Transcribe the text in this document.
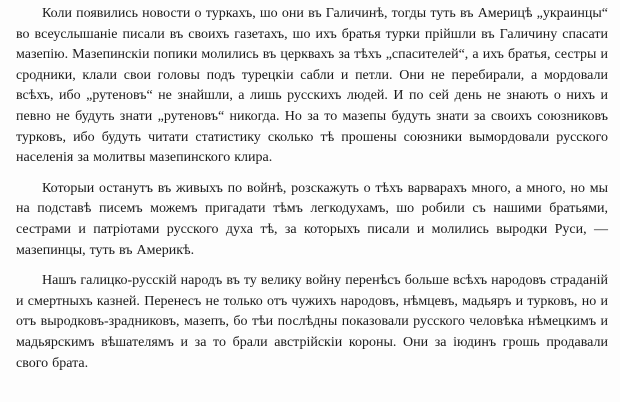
Коли появились новости о туркахъ, шо они въ Галичинѣ, тогды туть въ Америцѣ „украинцы“ во всеуслышаніе писали въ своихъ газетахъ, шо ихъ братья турки прійшли въ Галичину спасати мазепію. Мазепинскіи попики молились въ церквахъ за тѣхъ „спасителей“, а ихъ братья, сестры и сродники, клали свои головы подъ турецкіи сабли и петли. Они не перебирали, а мордовали всѣхъ, ибо „рутеновъ“ не знайшли, а лишь русскихъ людей. И по сей день не знають о нихъ и певно не будуть знати „рутеновъ“ никогда. Но за то мазепы будуть знати за своихъ союзниковъ турковъ, ибо будуть читати статистику сколько тѣ прошены союзники вымордовали русского населенія за молитвы мазепинского клира.

Которыи останутъ въ живыхъ по войнѣ, розскажуть о тѣхъ варварахъ много, а много, но мы на подставѣ писемъ можемъ пригадати тѣмъ легкодухамъ, шо робили съ нашими братьями, сестрами и патріотами русского духа тѣ, за которыхъ писали и молились выродки Руси, — мазепинцы, туть въ Америкѣ.

Нашъ галицко-русскій народъ въ ту велику войну перенѣсъ больше всѣхъ народовъ страданій и смертныхъ казней. Перенесъ не только отъ чужихъ народовъ, нѣмцевъ, мадьяръ и турковъ, но и отъ выродковъ-зрадниковъ, мазепъ, бо тѣи послѣдны показовали русского человѣка нѣмецкимъ и мадьярскимъ вѣшателямъ и за то брали австрійскіи короны. Они за іюдинъ грошь продавали свого брата.
